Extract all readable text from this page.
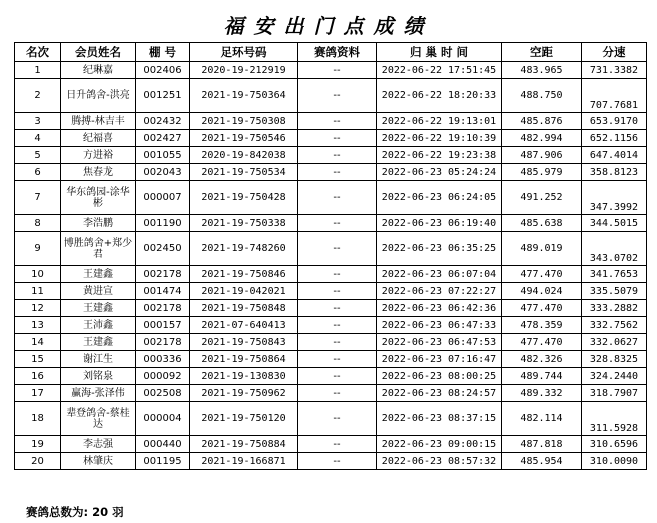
福安出门点成绩
名次	会员姓名	棚 号	足环号码	赛鸽资料	归 巢 时 间	空距	分速
1	纪琳嘉	002406	2020-19-212919	--	2022-06-22 17:51:45	483.965	731.3382
2	日升鸽舍-洪亮	001251	2021-19-750364	--	2022-06-22 18:20:33	488.750	707.7681
3	腾搏-林吉丰	002432	2021-19-750308	--	2022-06-22 19:13:01	485.876	653.9170
4	纪福喜	002427	2021-19-750546	--	2022-06-22 19:10:39	482.994	652.1156
5	方进裕	001055	2020-19-842038	--	2022-06-22 19:23:38	487.906	647.4014
6	焦春龙	002043	2021-19-750534	--	2022-06-23 05:24:24	485.979	358.8123
7	华东鸽园-涂华彬	000007	2021-19-750428	--	2022-06-23 06:24:05	491.252	347.3992
8	李浩鹏	001190	2021-19-750338	--	2022-06-23 06:19:40	485.638	344.5015
9	博胜鸽舍+郑少君	002450	2021-19-748260	--	2022-06-23 06:35:25	489.019	343.0702
10	王建鑫	002178	2021-19-750846	--	2022-06-23 06:07:04	477.470	341.7653
11	黄进宣	001474	2021-19-042021	--	2022-06-23 07:22:27	494.024	335.5079
12	王建鑫	002178	2021-19-750848	--	2022-06-23 06:42:36	477.470	333.2882
13	王沛鑫	000157	2021-07-640413	--	2022-06-23 06:47:33	478.359	332.7562
14	王建鑫	002178	2021-19-750843	--	2022-06-23 06:47:53	477.470	332.0627
15	谢江生	000336	2021-19-750864	--	2022-06-23 07:16:47	482.326	328.8325
16	刘铭泉	000092	2021-19-130830	--	2022-06-23 08:00:25	489.744	324.2440
17	赢海-张泽伟	002508	2021-19-750962	--	2022-06-23 08:24:57	489.332	318.7907
18	辈登鸽舍-蔡桂达	000004	2021-19-750120	--	2022-06-23 08:37:15	482.114	311.5928
19	李志强	000440	2021-19-750884	--	2022-06-23 09:00:15	487.818	310.6596
20	林肇庆	001195	2021-19-166871	--	2022-06-23 08:57:32	485.954	310.0090
赛鸽总数为: 20 羽
